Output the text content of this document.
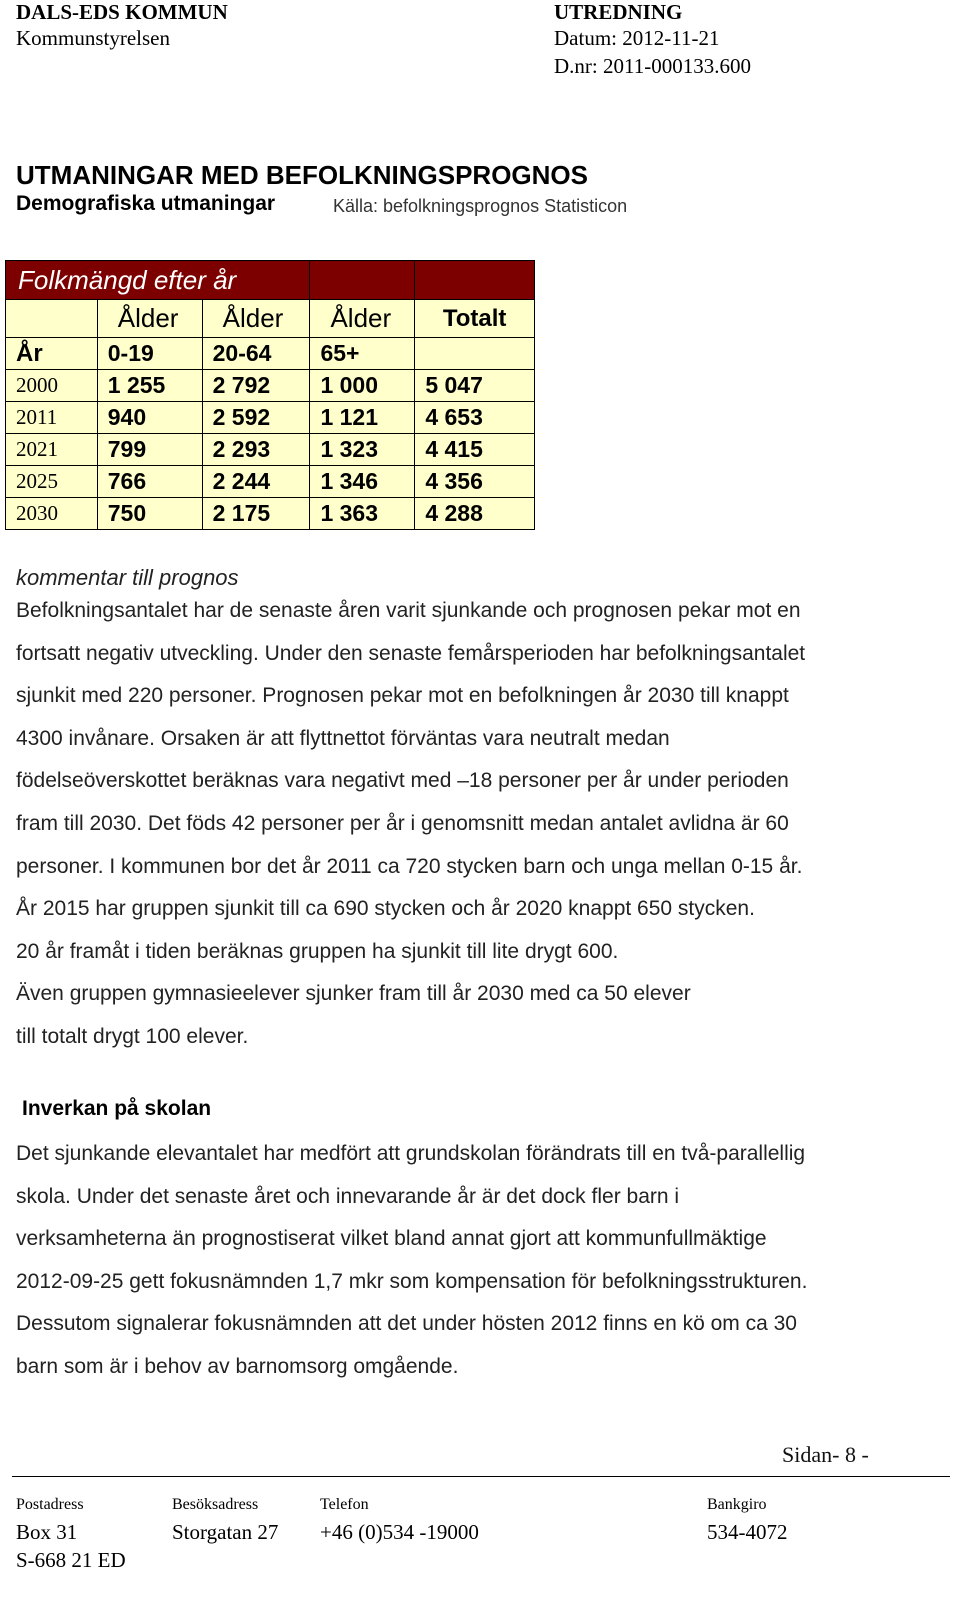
DALS-EDS KOMMUN
Kommunstyrelsen
UTREDNING
Datum: 2012-11-21
D.nr: 2011-000133.600
UTMANINGAR MED BEFOLKNINGSPROGNOS
Demografiska utmaningar	Källa: befolkningsprognos Statisticon
Folkmängd efter år				
	Ålder	Ålder	Ålder	Totalt
År	0-19	20-64	65+	
2000	1 255	2 792	1 000	5 047
2011	940	2 592	1 121	4 653
2021	799	2 293	1 323	4 415
2025	766	2 244	1 346	4 356
2030	750	2 175	1 363	4 288
kommentar till prognos
Befolkningsantalet har de senaste åren varit sjunkande och prognosen pekar mot en
fortsatt negativ utveckling. Under den senaste femårsperioden har befolkningsantalet
sjunkit med 220 personer. Prognosen pekar mot en befolkningen år 2030 till knappt
4300 invånare. Orsaken är att flyttnettot förväntas vara neutralt medan
födelseöverskottet beräknas vara negativt med –18 personer per år under perioden
fram till 2030. Det föds 42 personer per år i genomsnitt medan antalet avlidna är 60
personer. I kommunen bor det år 2011 ca 720 stycken barn och unga mellan 0-15 år.
År 2015 har gruppen sjunkit till ca 690 stycken och år 2020 knappt 650 stycken.
20 år framåt i tiden beräknas gruppen ha sjunkit till lite drygt 600.
Även gruppen gymnasieelever sjunker fram till år 2030 med ca 50 elever
till totalt drygt 100 elever.
Inverkan på skolan
Det sjunkande elevantalet har medfört att grundskolan förändrats till en två-parallellig
skola. Under det senaste året och innevarande år är det dock fler barn i
verksamheterna än prognostiserat vilket bland annat gjort att kommunfullmäktige
2012-09-25 gett fokusnämnden 1,7 mkr som kompensation för befolkningsstrukturen.
Dessutom signalerar fokusnämnden att det under hösten 2012 finns en kö om ca 30
barn som är i behov av barnomsorg omgående.
Sidan- 8 -
Postadress
Box 31
S-668 21 ED
Besöksadress
Storgatan 27
Telefon
+46 (0)534 -19000
Bankgiro
534-4072
